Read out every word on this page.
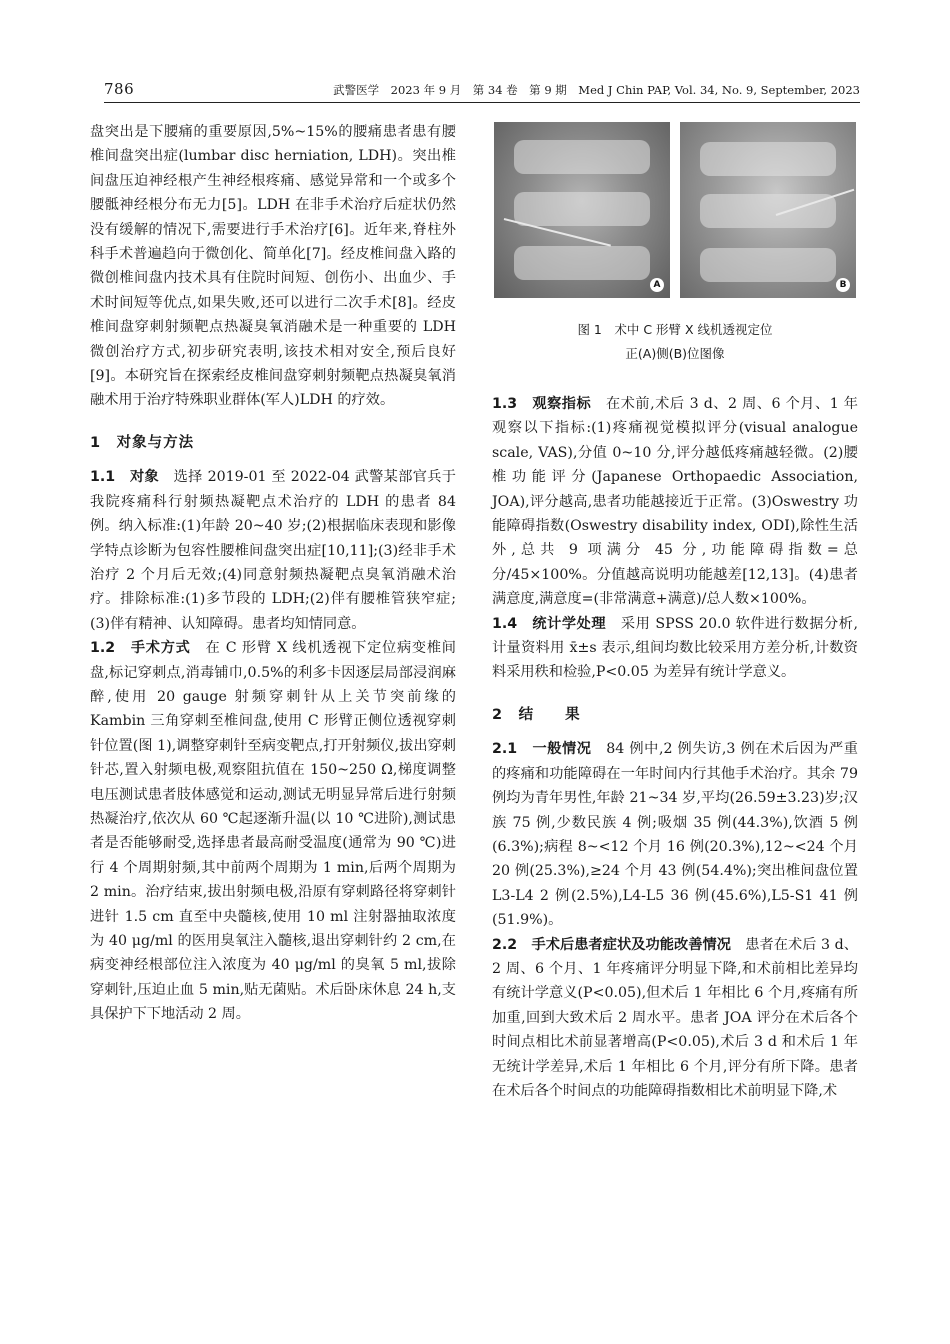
786	武警医学　2023 年 9 月　第 34 卷　第 9 期　Med J Chin PAP, Vol. 34, No. 9, September, 2023

盘突出是下腰痛的重要原因,5%~15%的腰痛患者患有腰椎间盘突出症(lumbar disc herniation, LDH)。突出椎间盘压迫神经根产生神经根疼痛、感觉异常和一个或多个腰骶神经根分布无力[5]。LDH 在非手术治疗后症状仍然没有缓解的情况下,需要进行手术治疗[6]。近年来,脊柱外科手术普遍趋向于微创化、简单化[7]。经皮椎间盘入路的微创椎间盘内技术具有住院时间短、创伤小、出血少、手术时间短等优点,如果失败,还可以进行二次手术[8]。经皮椎间盘穿刺射频靶点热凝臭氧消融术是一种重要的 LDH 微创治疗方式,初步研究表明,该技术相对安全,预后良好[9]。本研究旨在探索经皮椎间盘穿刺射频靶点热凝臭氧消融术用于治疗特殊职业群体(军人)LDH 的疗效。

1　对象与方法

1.1　对象　 选择 2019-01 至 2022-04 武警某部官兵于我院疼痛科行射频热凝靶点术治疗的 LDH 的患者 84 例。纳入标准:(1)年龄 20~40 岁;(2)根据临床表现和影像学特点诊断为包容性腰椎间盘突出症[10,11];(3)经非手术治疗 2 个月后无效;(4)同意射频热凝靶点臭氧消融术治疗。排除标准:(1)多节段的 LDH;(2)伴有腰椎管狭窄症;(3)伴有精神、认知障碍。患者均知情同意。

1.2　手术方式　 在 C 形臂 X 线机透视下定位病变椎间盘,标记穿刺点,消毒铺巾,0.5%的利多卡因逐层局部浸润麻醉,使用 20 gauge 射频穿刺针从上关节突前缘的 Kambin 三角穿刺至椎间盘,使用 C 形臂正侧位透视穿刺针位置(图 1),调整穿刺针至病变靶点,打开射频仪,拔出穿刺针芯,置入射频电极,观察阻抗值在 150~250 Ω,梯度调整电压测试患者肢体感觉和运动,测试无明显异常后进行射频热凝治疗,依次从 60 ℃起逐渐升温(以 10 ℃进阶),测试患者是否能够耐受,选择患者最高耐受温度(通常为 90 ℃)进行 4 个周期射频,其中前两个周期为 1 min,后两个周期为 2 min。治疗结束,拔出射频电极,沿原有穿刺路径将穿刺针进针 1.5 cm 直至中央髓核,使用 10 ml 注射器抽取浓度为 40 μg/ml 的医用臭氧注入髓核,退出穿刺针约 2 cm,在病变神经根部位注入浓度为 40 μg/ml 的臭氧 5 ml,拔除穿刺针,压迫止血 5 min,贴无菌贴。术后卧床休息 24 h,支具保护下下地活动 2 周。

A	B
图 1　术中 C 形臂 X 线机透视定位
正(A)侧(B)位图像

1.3　观察指标　 在术前,术后 3 d、2 周、6 个月、1 年观察以下指标:(1)疼痛视觉模拟评分(visual analogue scale, VAS),分值 0~10 分,评分越低疼痛越轻微。(2)腰椎功能评分(Japanese Orthopaedic Association, JOA),评分越高,患者功能越接近于正常。(3)Oswestry 功能障碍指数(Oswestry disability index, ODI),除性生活外,总共 9 项满分 45 分,功能障碍指数=总分/45×100%。分值越高说明功能越差[12,13]。(4)患者满意度,满意度=(非常满意+满意)/总人数×100%。

1.4　统计学处理　 采用 SPSS 20.0 软件进行数据分析,计量资料用 x̄±s 表示,组间均数比较采用方差分析,计数资料采用秩和检验,P<0.05 为差异有统计学意义。

2　结　　果

2.1　一般情况　 84 例中,2 例失访,3 例在术后因为严重的疼痛和功能障碍在一年时间内行其他手术治疗。其余 79 例均为青年男性,年龄 21~34 岁,平均(26.59±3.23)岁;汉族 75 例,少数民族 4 例;吸烟 35 例(44.3%),饮酒 5 例(6.3%);病程 8~<12 个月 16 例(20.3%),12~<24 个月 20 例(25.3%),≥24 个月 43 例(54.4%);突出椎间盘位置 L3-L4 2 例(2.5%),L4-L5 36 例(45.6%),L5-S1 41 例(51.9%)。

2.2　手术后患者症状及功能改善情况　 患者在术后 3 d、2 周、6 个月、1 年疼痛评分明显下降,和术前相比差异均有统计学意义(P<0.05),但术后 1 年相比 6 个月,疼痛有所加重,回到大致术后 2 周水平。患者 JOA 评分在术后各个时间点相比术前显著增高(P<0.05),术后 3 d 和术后 1 年无统计学差异,术后 1 年相比 6 个月,评分有所下降。患者在术后各个时间点的功能障碍指数相比术前明显下降,术
